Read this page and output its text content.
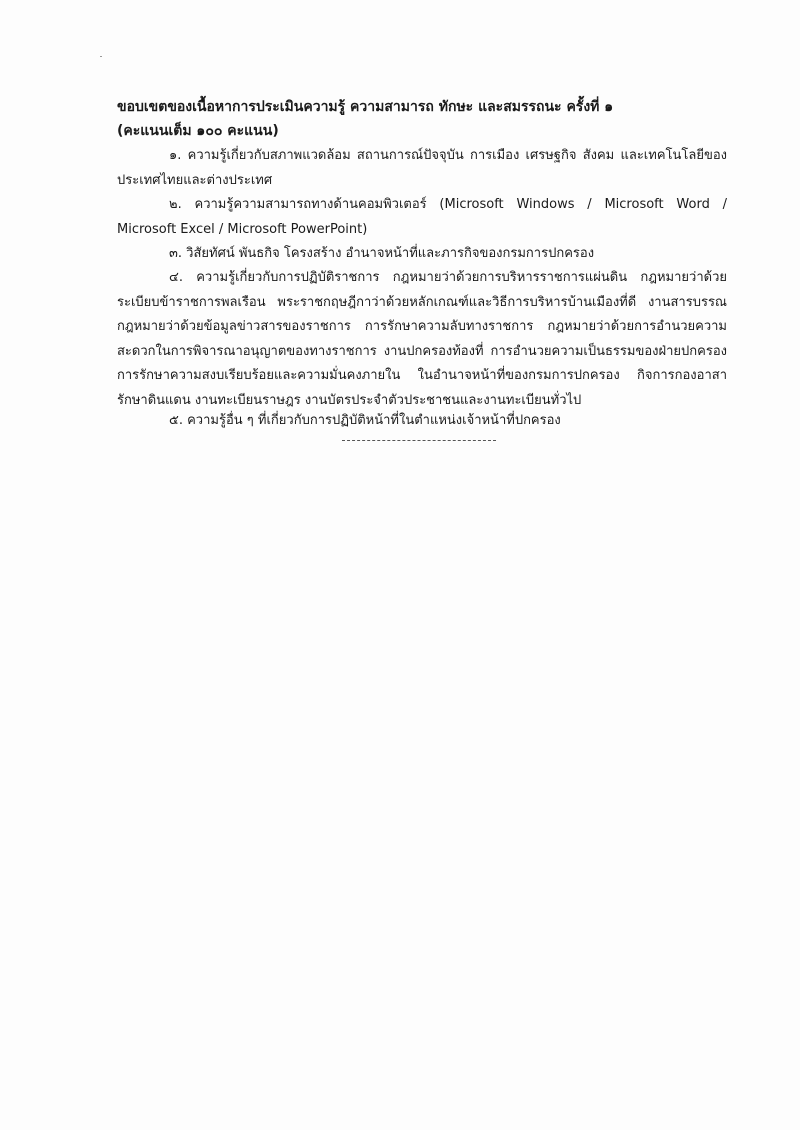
ขอบเขตของเนื้อหาการประเมินความรู้ ความสามารถ ทักษะ และสมรรถนะ ครั้งที่ ๑
(คะแนนเต็ม ๑๐๐ คะแนน)
๑. ความรู้เกี่ยวกับสภาพแวดล้อม สถานการณ์ปัจจุบัน การเมือง เศรษฐกิจ สังคม และเทคโนโลยีของประเทศไทยและต่างประเทศ
๒. ความรู้ความสามารถทางด้านคอมพิวเตอร์ (Microsoft Windows / Microsoft Word / Microsoft Excel / Microsoft PowerPoint)
๓. วิสัยทัศน์ พันธกิจ โครงสร้าง อำนาจหน้าที่และภารกิจของกรมการปกครอง
๔. ความรู้เกี่ยวกับการปฏิบัติราชการ กฎหมายว่าด้วยการบริหารราชการแผ่นดิน กฎหมายว่าด้วยระเบียบข้าราชการพลเรือน พระราชกฤษฎีกาว่าด้วยหลักเกณฑ์และวิธีการบริหารบ้านเมืองที่ดี งานสารบรรณ กฎหมายว่าด้วยข้อมูลข่าวสารของราชการ การรักษาความลับทางราชการ กฎหมายว่าด้วยการอำนวยความสะดวกในการพิจารณาอนุญาตของทางราชการ งานปกครองท้องที่ การอำนวยความเป็นธรรมของฝ่ายปกครอง การรักษาความสงบเรียบร้อยและความมั่นคงภายใน ในอำนาจหน้าที่ของกรมการปกครอง กิจการกองอาสารักษาดินแดน งานทะเบียนราษฎร งานบัตรประจำตัวประชาชนและงานทะเบียนทั่วไป
๕. ความรู้อื่น ๆ ที่เกี่ยวกับการปฏิบัติหน้าที่ในตำแหน่งเจ้าหน้าที่ปกครอง
